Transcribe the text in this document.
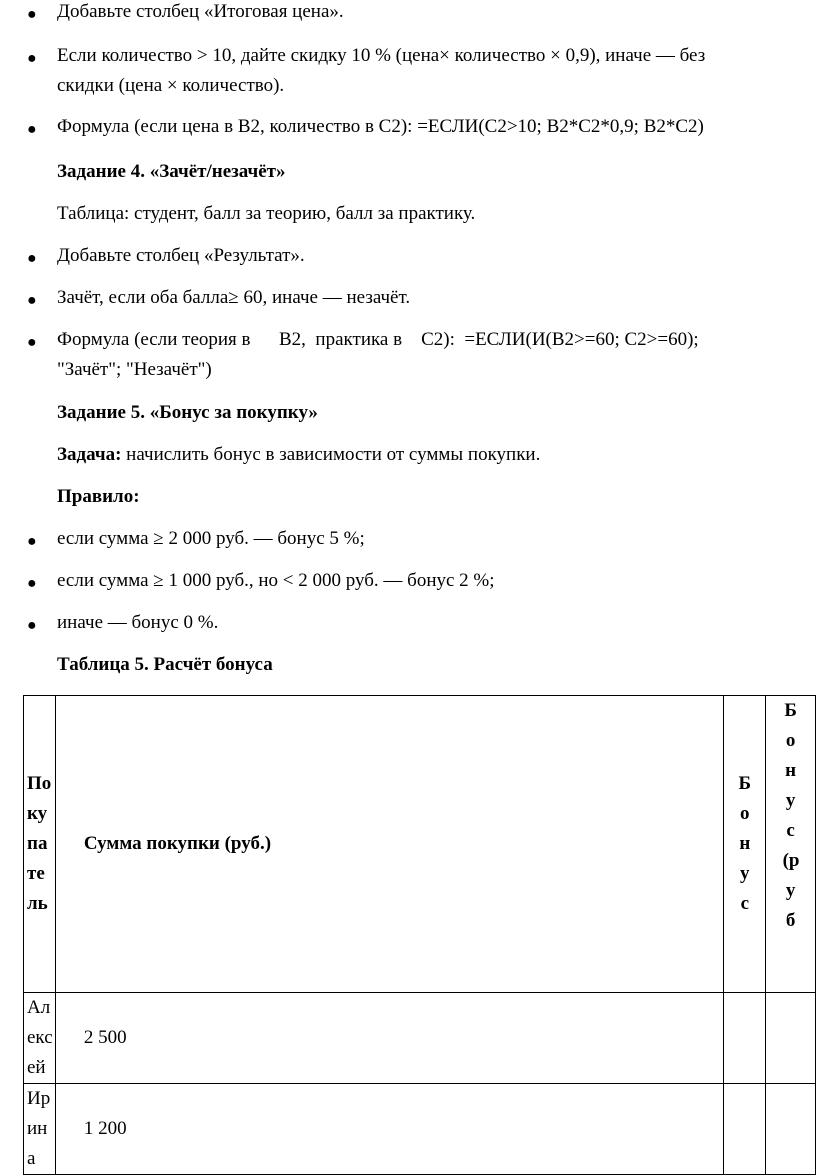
● Добавьте столбец «Итоговая цена».
● Если количество > 10, дайте скидку 10 % (цена× количество × 0,9), иначе — без
скидки (цена × количество).
● Формула (если цена в B2, количество в C2): =ЕСЛИ(C2>10; B2*C2*0,9; B2*C2)
Задание 4. «Зачёт/незачёт»
Таблица: студент, балл за теорию, балл за практику.
● Добавьте столбец «Результат».
● Зачёт, если оба балла≥ 60, иначе — незачёт.
● Формула (если теория в      B2,  практика в    C2):  =ЕСЛИ(И(B2>=60; C2>=60);
"Зачёт"; "Незачёт")
Задание 5. «Бонус за покупку»
Задача: начислить бонус в зависимости от суммы покупки.
Правило:
● если сумма ≥ 2 000 руб. — бонус 5 %;
● если сумма ≥ 1 000 руб., но < 2 000 руб. — бонус 2 %;
● иначе — бонус 0 %.
Таблица 5. Расчёт бонуса
Покупатель	Сумма покупки (руб.)	Бонус	Бонус (руб
Алексей	2 500		
Ирина	1 200		
